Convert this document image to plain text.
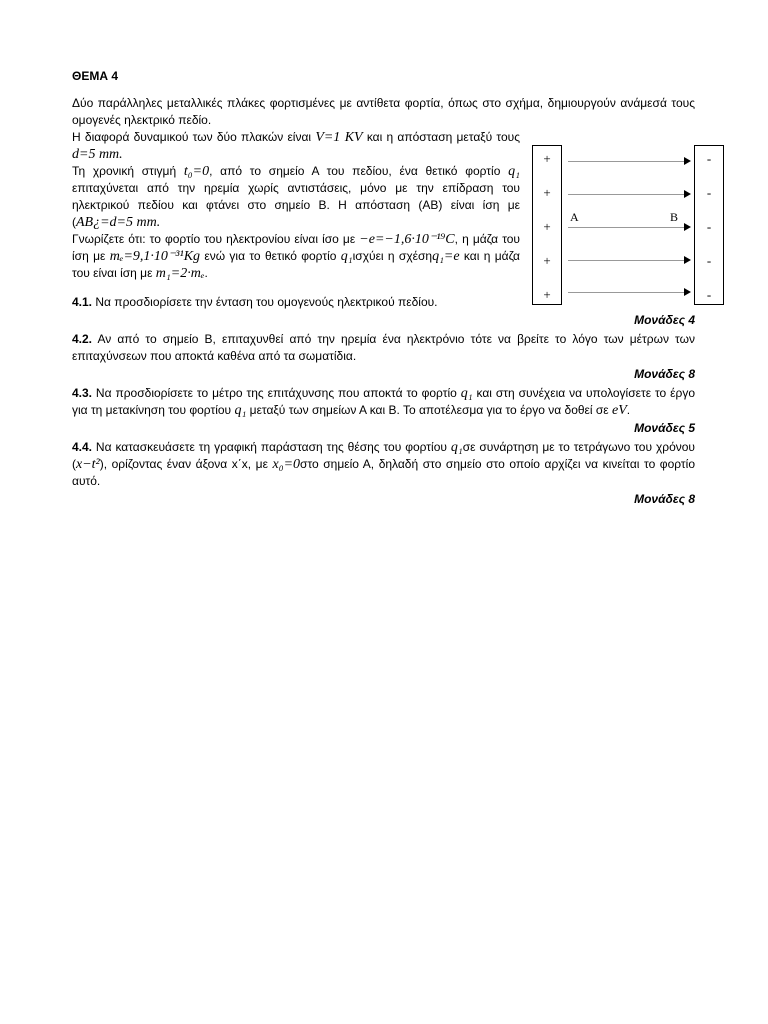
ΘΕΜΑ 4

Δύο παράλληλες μεταλλικές πλάκες φορτισμένες με αντίθετα φορτία, όπως στο σχήμα, δημιουργούν ανάμεσά τους ομογενές ηλεκτρικό πεδίο.

Η διαφορά δυναμικού των δύο πλακών είναι V=1 KV και η απόσταση μεταξύ τους d=5 mm.

Τη χρονική στιγμή t₀=0, από το σημείο Α του πεδίου, ένα θετικό φορτίο q₁ επιταχύνεται από την ηρεμία χωρίς αντιστάσεις, μόνο με την επίδραση του ηλεκτρικού πεδίου και φτάνει στο σημείο Β. Η απόσταση (ΑΒ) είναι ίση με (AB¿=d=5 mm.

Γνωρίζετε ότι: το φορτίο του ηλεκτρονίου είναι ίσο με −e=−1,6·10⁻¹⁹C, η μάζα του ίση με mₑ=9,1·10⁻³¹Kg ενώ για το θετικό φορτίο q₁ισχύει η σχέσηq₁=e και η μάζα του είναι ίση με m₁=2·mₑ.

+
+
+
+
+
-
-
-
-
-
A	B

4.1. Να προσδιορίσετε την ένταση του ομογενούς ηλεκτρικού πεδίου.

Μονάδες 4

4.2. Αν από το σημείο Β, επιταχυνθεί από την ηρεμία ένα ηλεκτρόνιο τότε να βρείτε το λόγο των μέτρων των επιταχύνσεων που αποκτά καθένα από τα σωματίδια.

Μονάδες 8

4.3. Να προσδιορίσετε το μέτρο της επιτάχυνσης που αποκτά το φορτίο q₁ και στη συνέχεια να υπολογίσετε το έργο για τη μετακίνηση του φορτίου q₁ μεταξύ των σημείων Α και Β. Το αποτέλεσμα για το έργο να δοθεί σε eV.

Μονάδες 5

4.4. Να κατασκευάσετε τη γραφική παράσταση της θέσης του φορτίου q₁σε συνάρτηση με το τετράγωνο του χρόνου (x−t²), ορίζοντας έναν άξονα x΄x, με x₀=0στο σημείο Α, δηλαδή στο σημείο στο οποίο αρχίζει να κινείται το φορτίο αυτό.

Μονάδες 8
